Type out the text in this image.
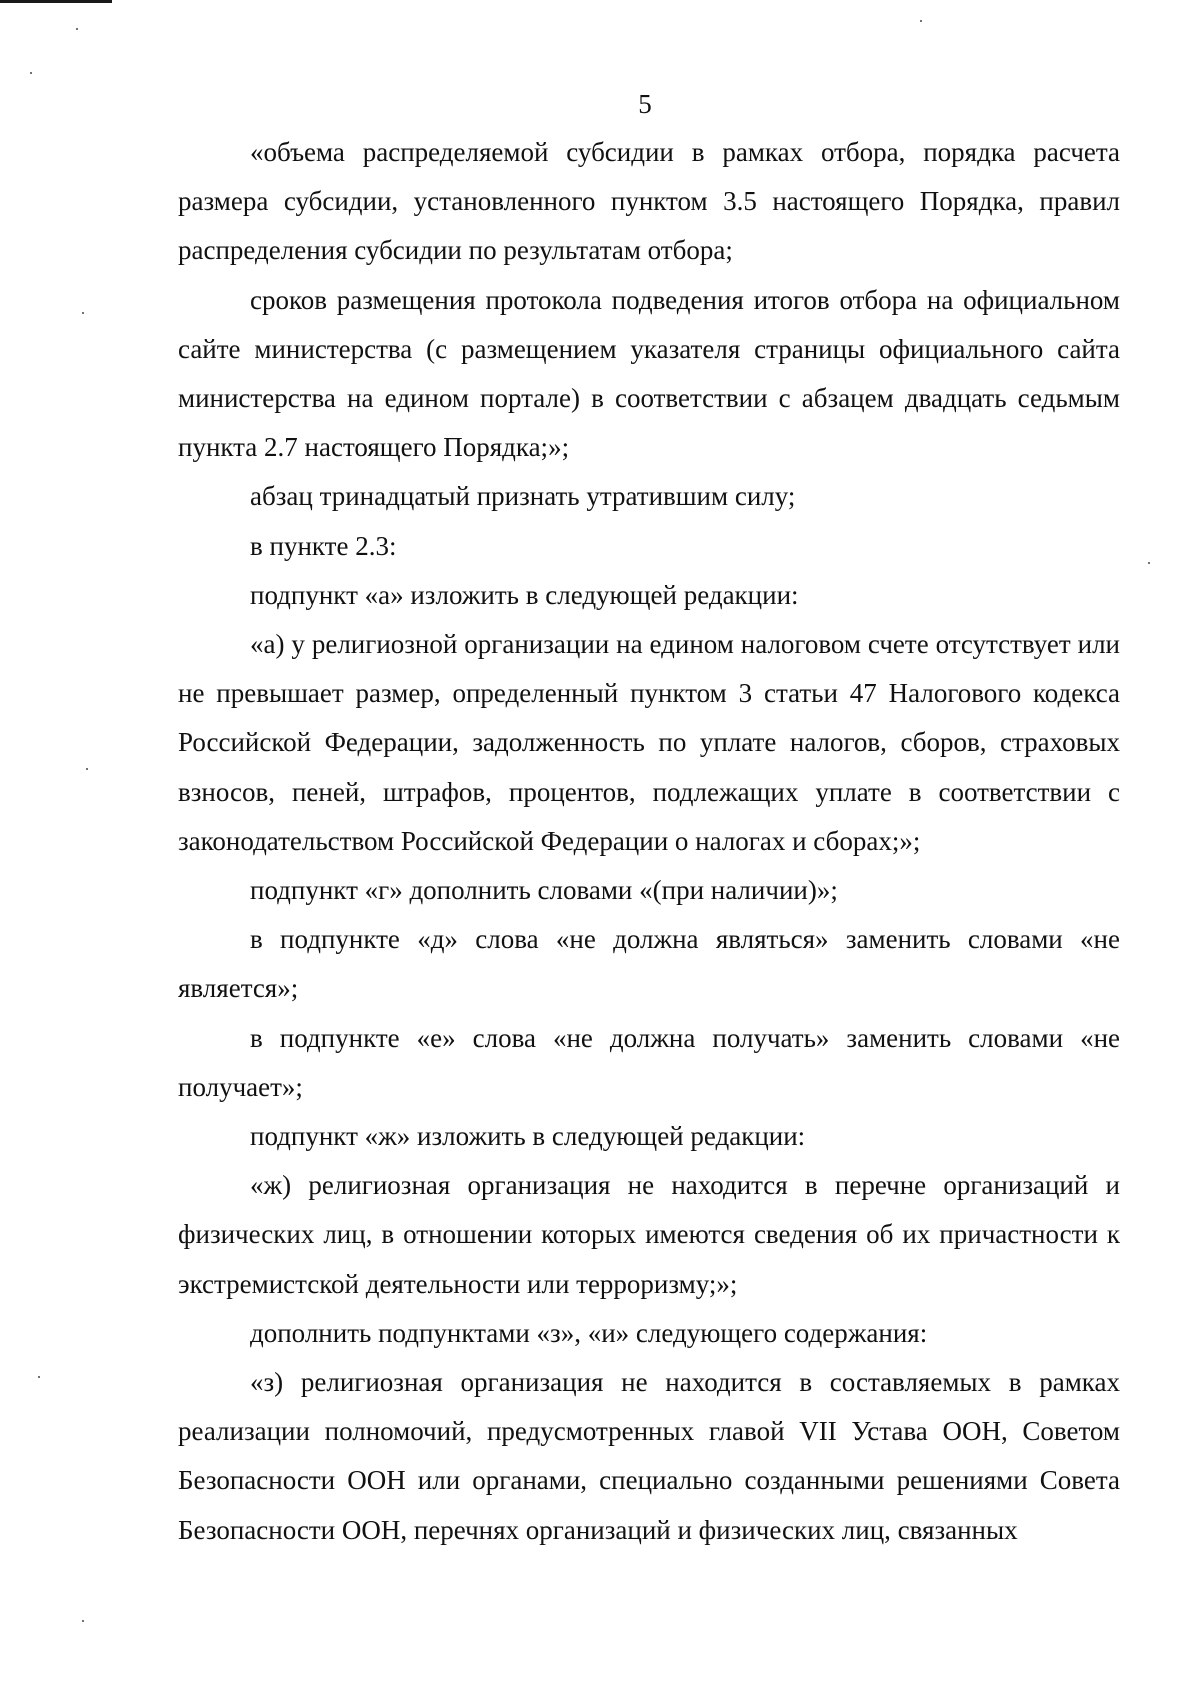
5

«объема распределяемой субсидии в рамках отбора, порядка расчета размера субсидии, установленного пунктом 3.5 настоящего Порядка, правил распределения субсидии по результатам отбора;

сроков размещения протокола подведения итогов отбора на официальном сайте министерства (с размещением указателя страницы официального сайта министерства на едином портале) в соответствии с абзацем двадцать седьмым пункта 2.7 настоящего Порядка;»;

абзац тринадцатый признать утратившим силу;

в пункте 2.3:

подпункт «а» изложить в следующей редакции:

«а) у религиозной организации на едином налоговом счете отсутствует или не превышает размер, определенный пунктом 3 статьи 47 Налогового кодекса Российской Федерации, задолженность по уплате налогов, сборов, страховых взносов, пеней, штрафов, процентов, подлежащих уплате в соответствии с законодательством Российской Федерации о налогах и сборах;»;

подпункт «г» дополнить словами «(при наличии)»;

в подпункте «д» слова «не должна являться» заменить словами «не является»;

в подпункте «е» слова «не должна получать» заменить словами «не получает»;

подпункт «ж» изложить в следующей редакции:

«ж) религиозная организация не находится в перечне организаций и физических лиц, в отношении которых имеются сведения об их причастности к экстремистской деятельности или терроризму;»;

дополнить подпунктами «з», «и» следующего содержания:

«з) религиозная организация не находится в составляемых в рамках реализации полномочий, предусмотренных главой VII Устава ООН, Советом Безопасности ООН или органами, специально созданными решениями Совета Безопасности ООН, перечнях организаций и физических лиц, связанных
